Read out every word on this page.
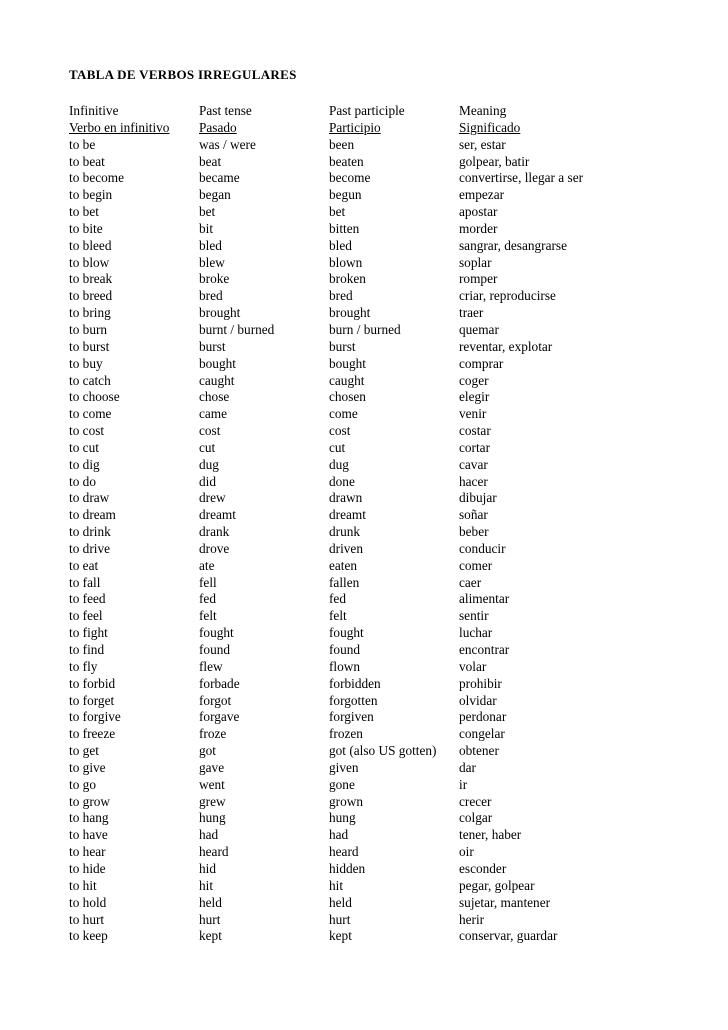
TABLA DE VERBOS IRREGULARES
Infinitive	Past tense	Past participle	Meaning
Verbo en infinitivo	Pasado	Participio	Significado
to be	was / were	been	ser, estar
to beat	beat	beaten	golpear, batir
to become	became	become	convertirse, llegar a ser
to begin	began	begun	empezar
to bet	bet	bet	apostar
to bite	bit	bitten	morder
to bleed	bled	bled	sangrar, desangrarse
to blow	blew	blown	soplar
to break	broke	broken	romper
to breed	bred	bred	criar, reproducirse
to bring	brought	brought	traer
to burn	burnt / burned	burn / burned	quemar
to burst	burst	burst	reventar, explotar
to buy	bought	bought	comprar
to catch	caught	caught	coger
to choose	chose	chosen	elegir
to come	came	come	venir
to cost	cost	cost	costar
to cut	cut	cut	cortar
to dig	dug	dug	cavar
to do	did	done	hacer
to draw	drew	drawn	dibujar
to dream	dreamt	dreamt	soñar
to drink	drank	drunk	beber
to drive	drove	driven	conducir
to eat	ate	eaten	comer
to fall	fell	fallen	caer
to feed	fed	fed	alimentar
to feel	felt	felt	sentir
to fight	fought	fought	luchar
to find	found	found	encontrar
to fly	flew	flown	volar
to forbid	forbade	forbidden	prohibir
to forget	forgot	forgotten	olvidar
to forgive	forgave	forgiven	perdonar
to freeze	froze	frozen	congelar
to get	got	got (also US gotten)	obtener
to give	gave	given	dar
to go	went	gone	ir
to grow	grew	grown	crecer
to hang	hung	hung	colgar
to have	had	had	tener, haber
to hear	heard	heard	oir
to hide	hid	hidden	esconder
to hit	hit	hit	pegar, golpear
to hold	held	held	sujetar, mantener
to hurt	hurt	hurt	herir
to keep	kept	kept	conservar, guardar
